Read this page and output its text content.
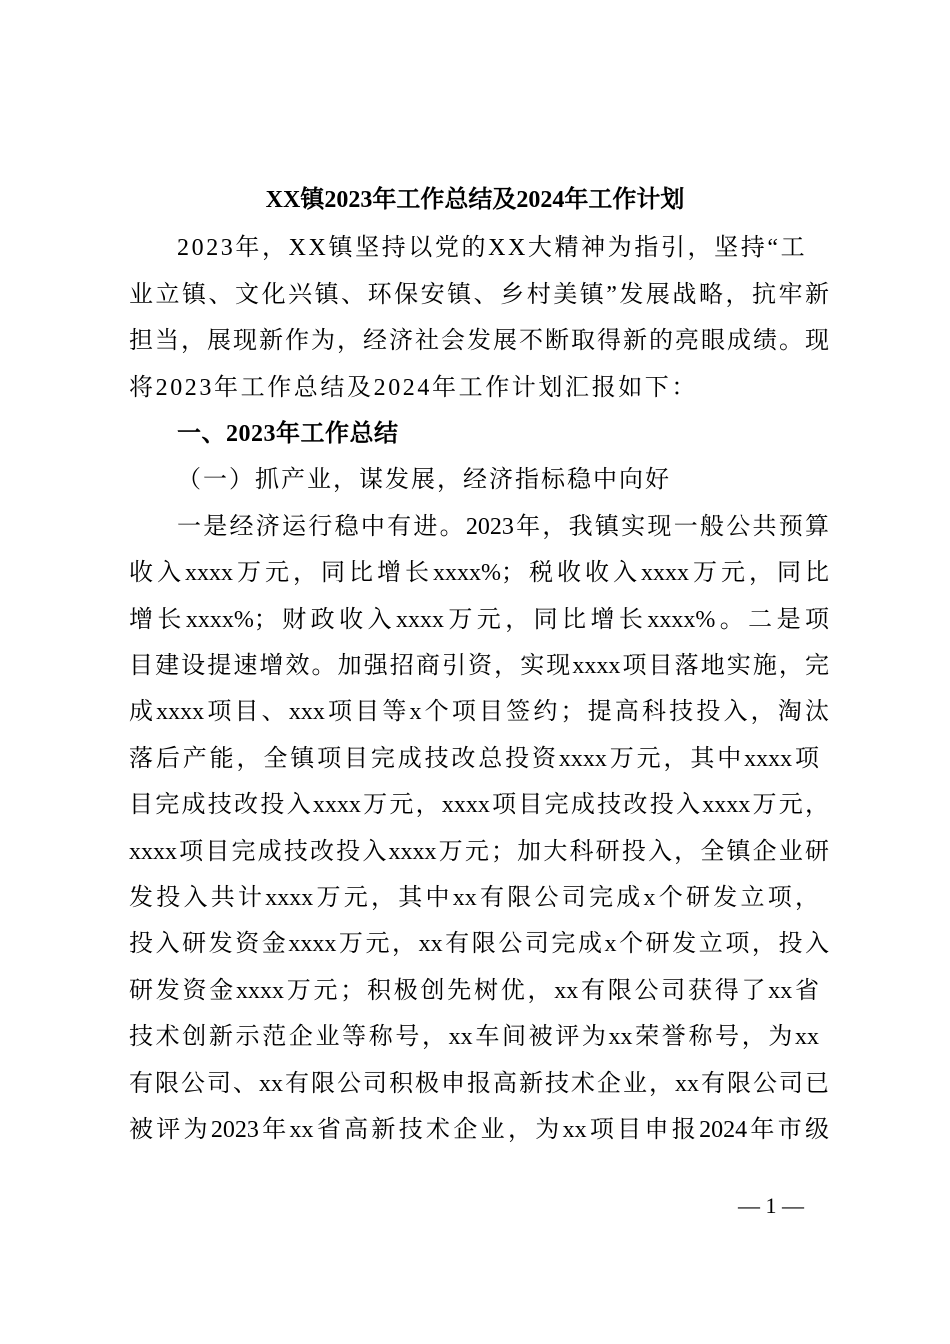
XX镇2023年工作总结及2024年工作计划
2023年，XX镇坚持以党的XX大精神为指引，坚持“工
业立镇、文化兴镇、环保安镇、乡村美镇”发展战略，抗牢新
担当，展现新作为，经济社会发展不断取得新的亮眼成绩。现
将2023年工作总结及2024年工作计划汇报如下：
一、2023年工作总结
（一）抓产业，谋发展，经济指标稳中向好
一是经济运行稳中有进。2023年，我镇实现一般公共预算
收入xxxx万元，同比增长xxxx%；税收收入xxxx万元，同比
增长xxxx%；财政收入xxxx万元，同比增长xxxx%。二是项
目建设提速增效。加强招商引资，实现xxxx项目落地实施，完
成xxxx项目、xxx项目等x个项目签约；提高科技投入，淘汰
落后产能，全镇项目完成技改总投资xxxx万元，其中xxxx项
目完成技改投入xxxx万元，xxxx项目完成技改投入xxxx万元，
xxxx项目完成技改投入xxxx万元；加大科研投入，全镇企业研
发投入共计xxxx万元，其中xx有限公司完成x个研发立项，
投入研发资金xxxx万元，xx有限公司完成x个研发立项，投入
研发资金xxxx万元；积极创先树优，xx有限公司获得了xx省
技术创新示范企业等称号，xx车间被评为xx荣誉称号，为xx
有限公司、xx有限公司积极申报高新技术企业，xx有限公司已
被评为2023年xx省高新技术企业，为xx项目申报2024年市级
— 1 —
